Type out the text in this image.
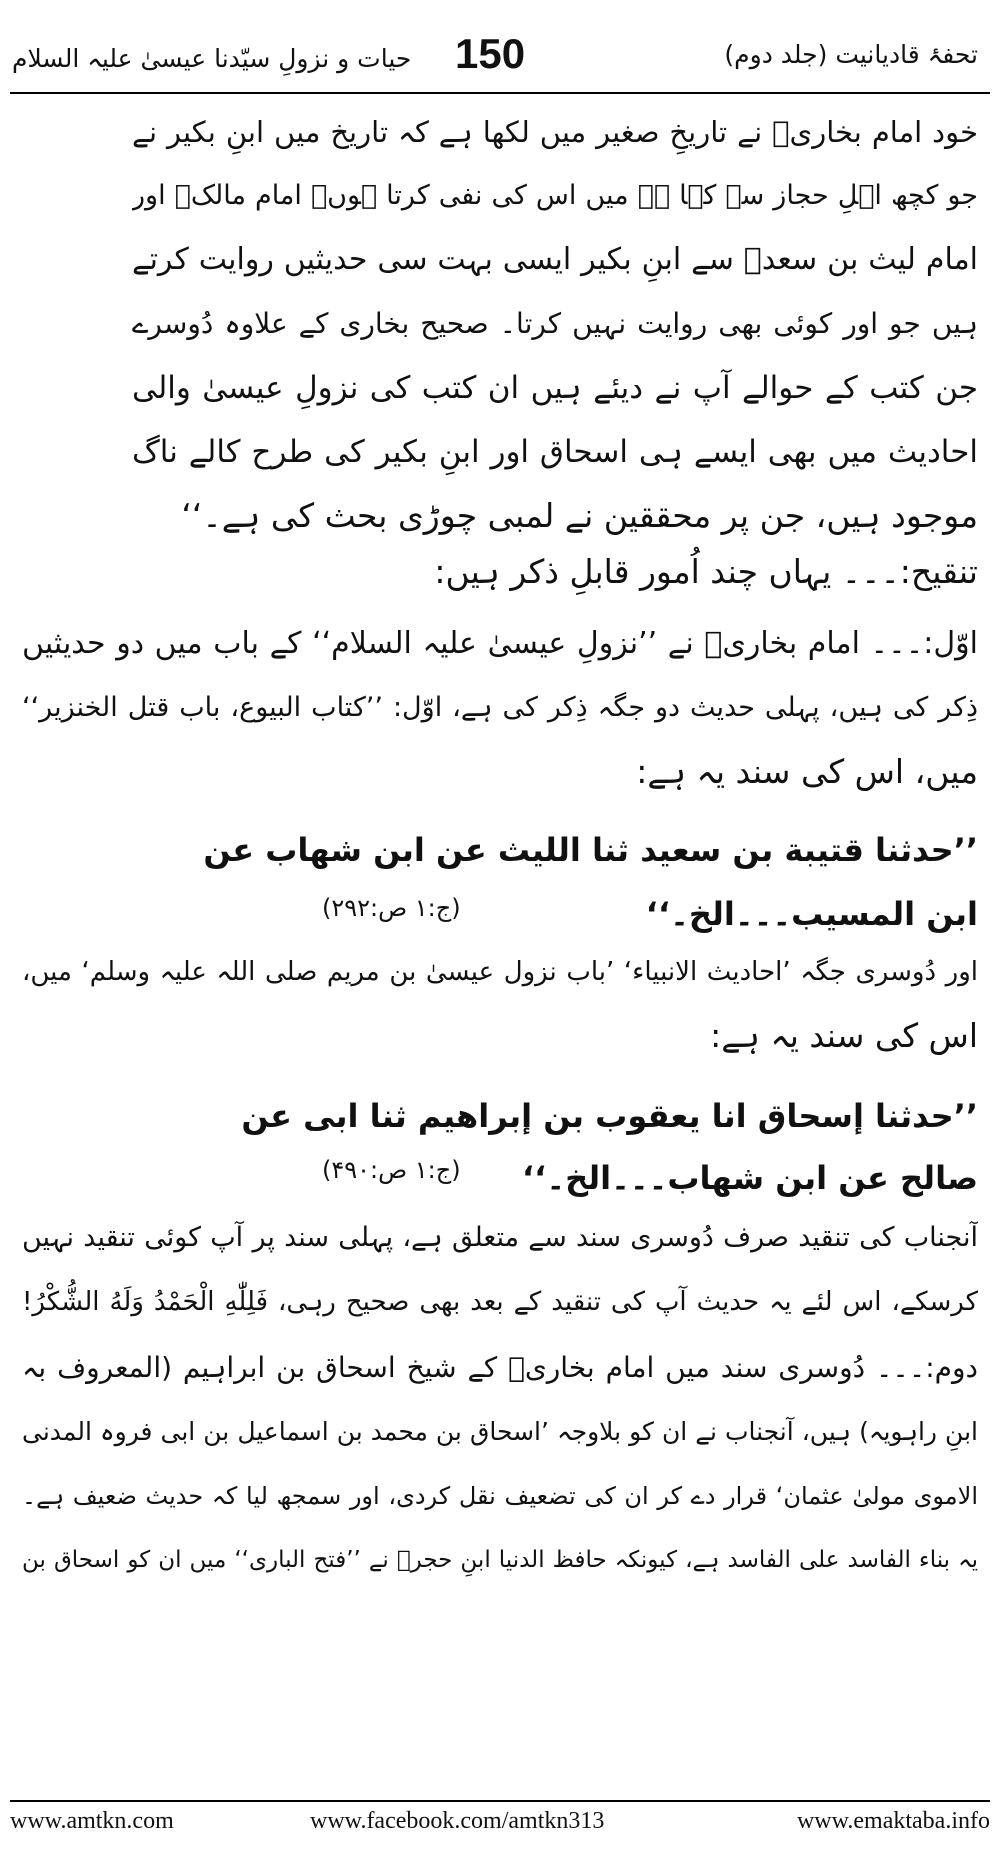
تحفۂ قادیانیت (جلد دوم)
150
حیات و نزولِ سیّدنا عیسیٰ علیہ السلام
خود امام بخاریؒ نے تاریخِ صغیر میں لکھا ہے کہ تاریخ میں ابنِ بکیر نے
جو کچھ اہلِ حجاز سے کہا ہے میں اس کی نفی کرتا ہوں۔ امام مالکؒ اور
امام لیث بن سعدؒ سے ابنِ بکیر ایسی بہت سی حدیثیں روایت کرتے
ہیں جو اور کوئی بھی روایت نہیں کرتا۔ صحیح بخاری کے علاوہ دُوسرے
جن کتب کے حوالے آپ نے دیئے ہیں ان کتب کی نزولِ عیسیٰ والی
احادیث میں بھی ایسے ہی اسحاق اور ابنِ بکیر کی طرح کالے ناگ
موجود ہیں، جن پر محققین نے لمبی چوڑی بحث کی ہے۔‘‘
تنقیح:۔۔۔ یہاں چند اُمور قابلِ ذکر ہیں:
اوّل:۔۔۔ امام بخاریؒ نے ’’نزولِ عیسیٰ علیہ السلام‘‘ کے باب میں دو حدیثیں
ذِکر کی ہیں، پہلی حدیث دو جگہ ذِکر کی ہے، اوّل: ’’کتاب البیوع، باب قتل الخنزیر‘‘
میں، اس کی سند یہ ہے:
’’حدثنا قتیبة بن سعید ثنا اللیث عن ابن شهاب عن
ابن المسیب۔۔۔الخ۔‘‘
(ج:۱ ص:۲۹۲)
اور دُوسری جگہ ’احادیث الانبیاء‘ ’باب نزول عیسیٰ بن مریم صلی اللہ علیہ وسلم‘ میں،
اس کی سند یہ ہے:
’’حدثنا إسحاق انا یعقوب بن إبراهیم ثنا ابی عن
صالح عن ابن شهاب۔۔۔الخ۔‘‘
(ج:۱ ص:۴۹۰)
آنجناب کی تنقید صرف دُوسری سند سے متعلق ہے، پہلی سند پر آپ کوئی تنقید نہیں
کرسکے، اس لئے یہ حدیث آپ کی تنقید کے بعد بھی صحیح رہی، فَلِلّٰهِ الْحَمْدُ وَلَهُ الشُّكْرُ!
دوم:۔۔۔ دُوسری سند میں امام بخاریؒ کے شیخ اسحاق بن ابراہیم (المعروف بہ
ابنِ راہویہ) ہیں، آنجناب نے ان کو بلاوجہ ’اسحاق بن محمد بن اسماعیل بن ابی فروہ المدنی
الاموی مولیٰ عثمان‘ قرار دے کر ان کی تضعیف نقل کردی، اور سمجھ لیا کہ حدیث ضعیف ہے۔
یہ بناء الفاسد علی الفاسد ہے، کیونکہ حافظ الدنیا ابنِ حجرؒ نے ’’فتح الباری‘‘ میں ان کو اسحاق بن
www.amtkn.com	www.facebook.com/amtkn313	www.emaktaba.info
